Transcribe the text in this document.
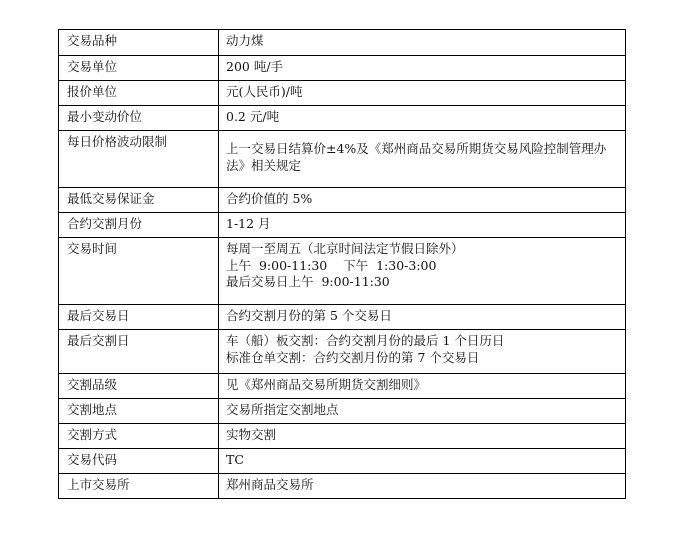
交易品种	动力煤

交易单位	200 吨/手

报价单位	元(人民币)/吨

最小变动价位	0.2 元/吨

每日价格波动限制	上一交易日结算价±4%及《郑州商品交易所期货交易风险控制管理办法》相关规定

最低交易保证金	合约价值的 5%

合约交割月份	1-12 月

交易时间	每周一至周五（北京时间法定节假日除外）
上午  9:00-11:30    下午  1:30-3:00
最后交易日上午  9:00-11:30

最后交易日	合约交割月份的第 5 个交易日

最后交割日	车（船）板交割：合约交割月份的最后 1 个日历日
标准仓单交割：合约交割月份的第 7 个交易日

交割品级	见《郑州商品交易所期货交割细则》

交割地点	交易所指定交割地点

交割方式	实物交割

交易代码	TC

上市交易所	郑州商品交易所
